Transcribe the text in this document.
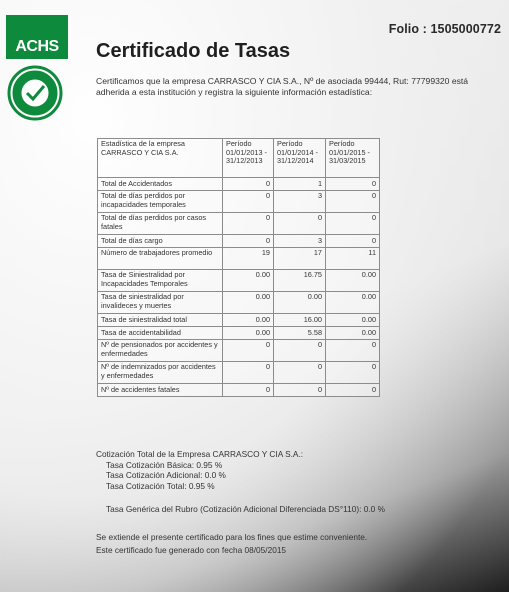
ACHS
Folio : 1505000772
Certificado de Tasas
Certificamos que la empresa CARRASCO Y CIA S.A., Nº de asociada 99444, Rut: 77799320 está adherida a esta institución y registra la siguiente información estadística:
Estadística de la empresa CARRASCO Y CIA S.A.	Período 01/01/2013 - 31/12/2013	Período 01/01/2014 - 31/12/2014	Período 01/01/2015 - 31/03/2015
Total de Accidentados	0	1	0
Total de días perdidos por incapacidades temporales	0	3	0
Total de días perdidos por casos fatales	0	0	0
Total de días cargo	0	3	0
Número de trabajadores promedio	19	17	11
Tasa de Siniestralidad por Incapacidades Temporales	0.00	16.75	0.00
Tasa de siniestralidad por invalideces y muertes	0.00	0.00	0.00
Tasa de siniestralidad total	0.00	16.00	0.00
Tasa de accidentabilidad	0.00	5.58	0.00
Nº de pensionados por accidentes y enfermedades	0	0	0
Nº de indemnizados por accidentes y enfermedades	0	0	0
Nº de accidentes fatales	0	0	0
Cotización Total de la Empresa CARRASCO Y CIA S.A.:
Tasa Cotización Básica: 0.95 %
Tasa Cotización Adicional: 0.0 %
Tasa Cotización Total: 0.95 %
Tasa Genérica del Rubro (Cotización Adicional Diferenciada DS°110): 0.0 %
Se extiende el presente certificado para los fines que estime conveniente.
Este certificado fue generado con fecha 08/05/2015
